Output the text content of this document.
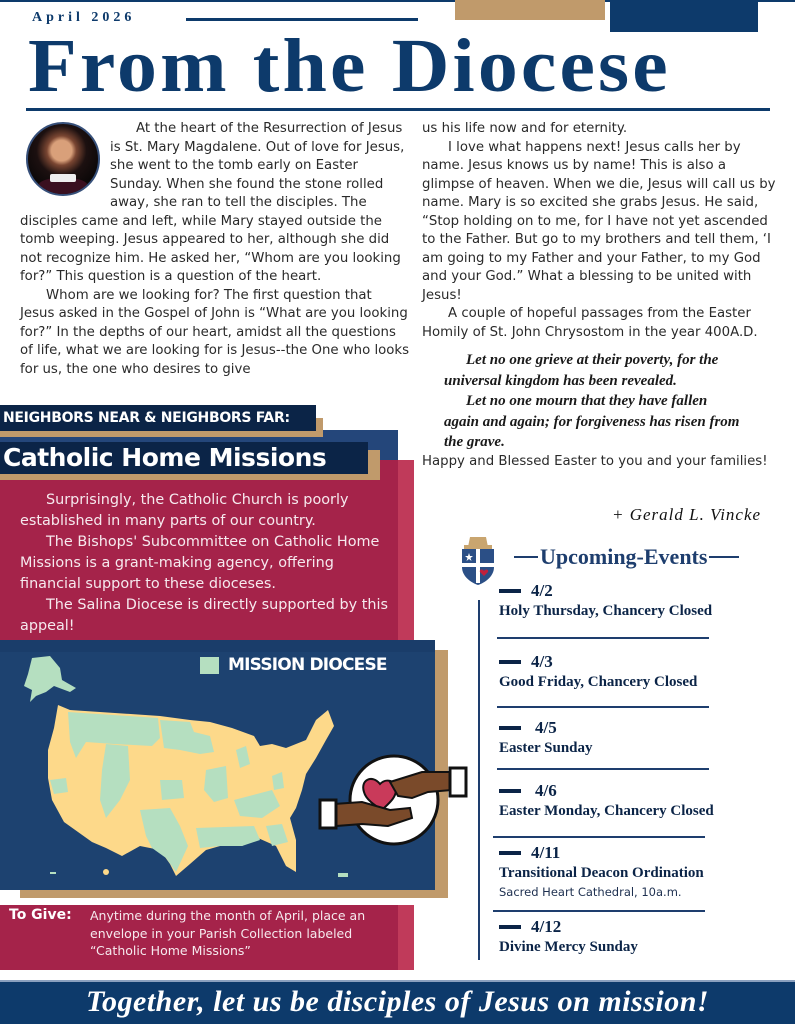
April 2026
From the Diocese

At the heart of the Resurrection of Jesus is St. Mary Magdalene. Out of love for Jesus, she went to the tomb early on Easter Sunday. When she found the stone rolled away, she ran to tell the disciples. The disciples came and left, while Mary stayed outside the tomb weeping. Jesus appeared to her, although she did not recognize him. He asked her, “Whom are you looking for?” This question is a question of the heart.

Whom are we looking for? The first question that Jesus asked in the Gospel of John is “What are you looking for?” In the depths of our heart, amidst all the questions of life, what we are looking for is Jesus--the One who looks for us, the one who desires to give

us his life now and for eternity.

I love what happens next! Jesus calls her by name. Jesus knows us by name! This is also a glimpse of heaven. When we die, Jesus will call us by name. Mary is so excited she grabs Jesus. He said, “Stop holding on to me, for I have not yet ascended to the Father. But go to my brothers and tell them, ‘I am going to my Father and your Father, to my God and your God.” What a blessing to be united with Jesus!

A couple of hopeful passages from the Easter Homily of St. John Chrysostom in the year 400A.D.

Let no one grieve at their poverty, for the universal kingdom has been revealed.

Let no one mourn that they have fallen again and again; for forgiveness has risen from the grave.

Happy and Blessed Easter to you and your families!

+ Gerald L. Vincke
NEIGHBORS NEAR & NEIGHBORS FAR:
Catholic Home Missions

Surprisingly, the Catholic Church is poorly established in many parts of our country.

The Bishops' Subcommittee on Catholic Home Missions is a grant-making agency, offering financial support to these dioceses.

The Salina Diocese is directly supported by this appeal!

MISSION DIOCESE
To Give: Anytime during the month of April, place an envelope in your Parish Collection labeled “Catholic Home Missions”
Upcoming-Events
4/2
Holy Thursday, Chancery Closed
4/3
Good Friday, Chancery Closed
4/5
Easter Sunday
4/6
Easter Monday, Chancery Closed
4/11
Transitional Deacon Ordination
Sacred Heart Cathedral, 10a.m.
4/12
Divine Mercy Sunday
Together, let us be disciples of Jesus on mission!
